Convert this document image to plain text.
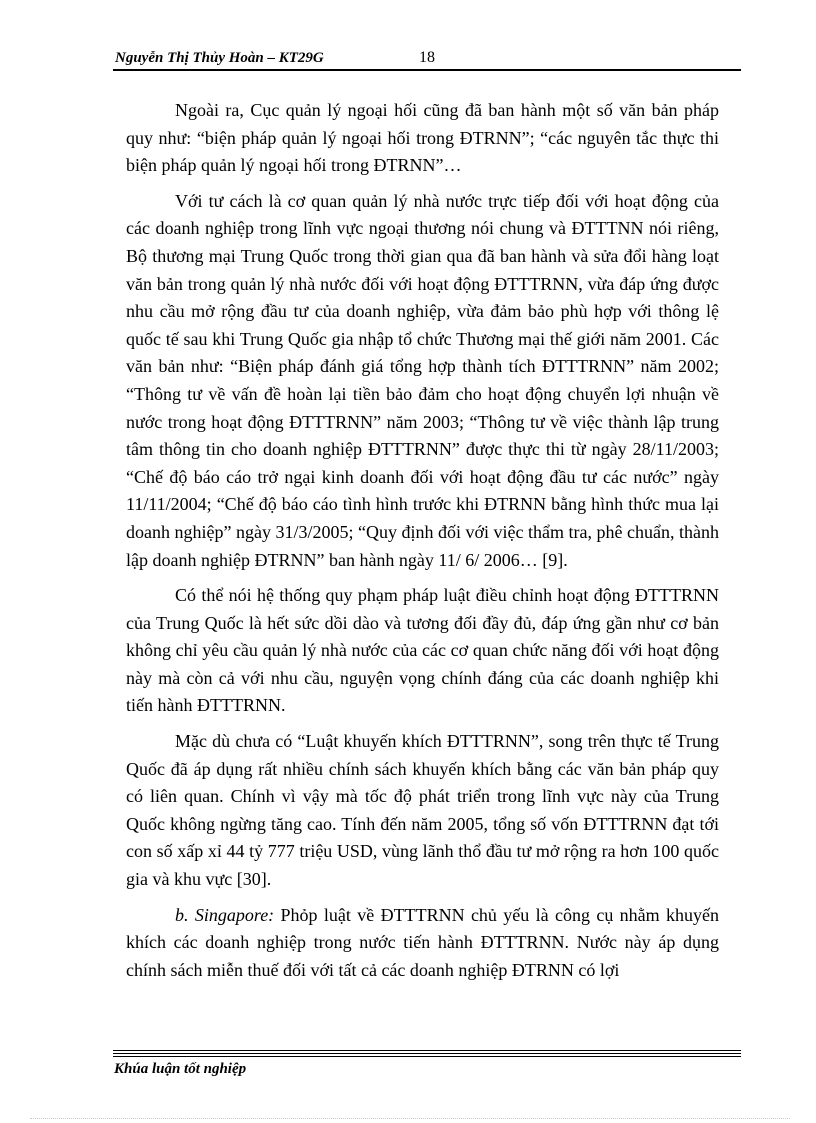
Nguyễn Thị Thủy Hoàn – KT29G	18

Ngoài ra, Cục quản lý ngoại hối cũng đã ban hành một số văn bản pháp quy như: “biện pháp quản lý ngoại hối trong ĐTRNN”; “các nguyên tắc thực thi biện pháp quản lý ngoại hối trong ĐTRNN”…

Với tư cách là cơ quan quản lý nhà nước trực tiếp đối với hoạt động của các doanh nghiệp trong lĩnh vực ngoại thương nói chung và ĐTTTNN nói riêng, Bộ thương mại Trung Quốc trong thời gian qua đã ban hành và sửa đổi hàng loạt văn bản trong quản lý nhà nước đối với hoạt động ĐTTTRNN, vừa đáp ứng được nhu cầu mở rộng đầu tư của doanh nghiệp, vừa đảm bảo phù hợp với thông lệ quốc tế sau khi Trung Quốc gia nhập tổ chức Thương mại thế giới năm 2001. Các văn bản như: “Biện pháp đánh giá tổng hợp thành tích ĐTTTRNN” năm 2002; “Thông tư về vấn đề hoàn lại tiền bảo đảm cho hoạt động chuyển lợi nhuận về nước trong hoạt động ĐTTTRNN” năm 2003; “Thông tư về việc thành lập trung tâm thông tin cho doanh nghiệp ĐTTTRNN” được thực thi từ ngày 28/11/2003; “Chế độ báo cáo trở ngại kinh doanh đối với hoạt động đầu tư các nước” ngày 11/11/2004; “Chế độ báo cáo tình hình trước khi ĐTRNN bằng hình thức mua lại doanh nghiệp” ngày 31/3/2005; “Quy định đối với việc thẩm tra, phê chuẩn, thành lập doanh nghiệp ĐTRNN” ban hành ngày 11/ 6/ 2006… [9].

Có thể nói hệ thống quy phạm pháp luật điều chỉnh hoạt động ĐTTTRNN của Trung Quốc là hết sức dồi dào và tương đối đầy đủ, đáp ứng gần như cơ bản không chỉ yêu cầu quản lý nhà nước của các cơ quan chức năng đối với hoạt động này mà còn cả với nhu cầu, nguyện vọng chính đáng của các doanh nghiệp khi tiến hành ĐTTTRNN.

Mặc dù chưa có “Luật khuyến khích ĐTTTRNN”, song trên thực tế Trung Quốc đã áp dụng rất nhiều chính sách khuyến khích bằng các văn bản pháp quy có liên quan. Chính vì vậy mà tốc độ phát triển trong lĩnh vực này của Trung Quốc không ngừng tăng cao. Tính đến năm 2005, tổng số vốn ĐTTTRNN đạt tới con số xấp xỉ 44 tỷ 777 triệu USD, vùng lãnh thổ đầu tư mở rộng ra hơn 100 quốc gia và khu vực [30].

b. Singapore: Phỏp luật về ĐTTTRNN chủ yếu là công cụ nhằm khuyến khích các doanh nghiệp trong nước tiến hành ĐTTTRNN. Nước này áp dụng chính sách miễn thuế đối với tất cả các doanh nghiệp ĐTRNN có lợi

Khúa luận tốt nghiệp
